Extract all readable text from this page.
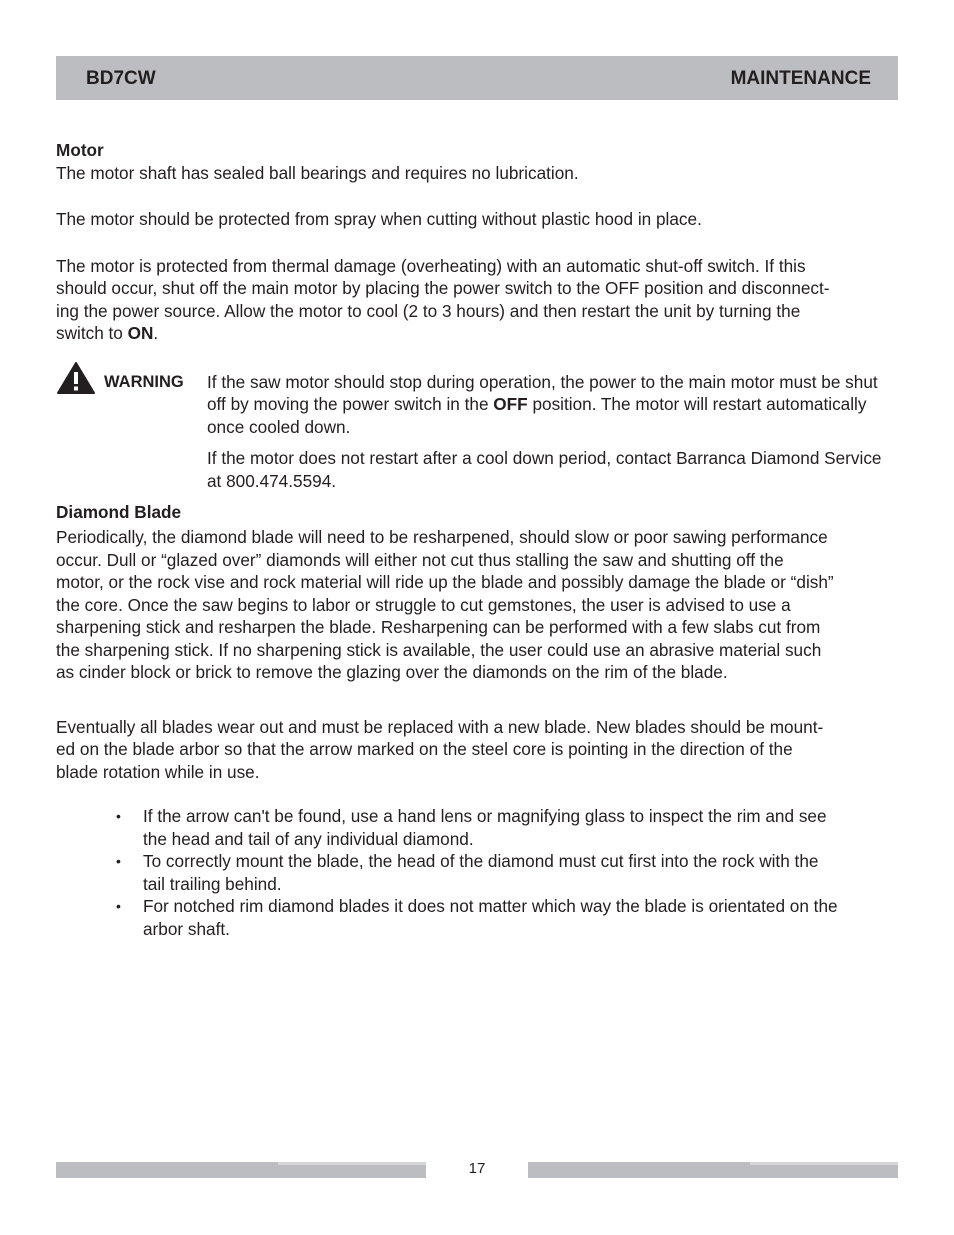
BD7CW	MAINTENANCE

Motor

The motor shaft has sealed ball bearings and requires no lubrication.

The motor should be protected from spray when cutting without plastic hood in place.

The motor is protected from thermal damage (overheating) with an automatic shut-off switch. If this
should occur, shut off the main motor by placing the power switch to the OFF position and disconnect-
ing the power source. Allow the motor to cool (2 to 3 hours) and then restart the unit by turning the
switch to ON.

WARNING If the saw motor should stop during operation, the power to the main motor must be shut off by moving the power switch in the OFF position. The motor will restart automatically once cooled down.

If the motor does not restart after a cool down period, contact Barranca Diamond Service at 800.474.5594.

Diamond Blade

Periodically, the diamond blade will need to be resharpened, should slow or poor sawing performance
occur. Dull or “glazed over” diamonds will either not cut thus stalling the saw and shutting off the
motor, or the rock vise and rock material will ride up the blade and possibly damage the blade or “dish”
the core. Once the saw begins to labor or struggle to cut gemstones, the user is advised to use a
sharpening stick and resharpen the blade. Resharpening can be performed with a few slabs cut from
the sharpening stick. If no sharpening stick is available, the user could use an abrasive material such
as cinder block or brick to remove the glazing over the diamonds on the rim of the blade.

Eventually all blades wear out and must be replaced with a new blade. New blades should be mount-
ed on the blade arbor so that the arrow marked on the steel core is pointing in the direction of the
blade rotation while in use.

• If the arrow can't be found, use a hand lens or magnifying glass to inspect the rim and see
the head and tail of any individual diamond.
• To correctly mount the blade, the head of the diamond must cut first into the rock with the
tail trailing behind.
• For notched rim diamond blades it does not matter which way the blade is orientated on the
arbor shaft.
17
